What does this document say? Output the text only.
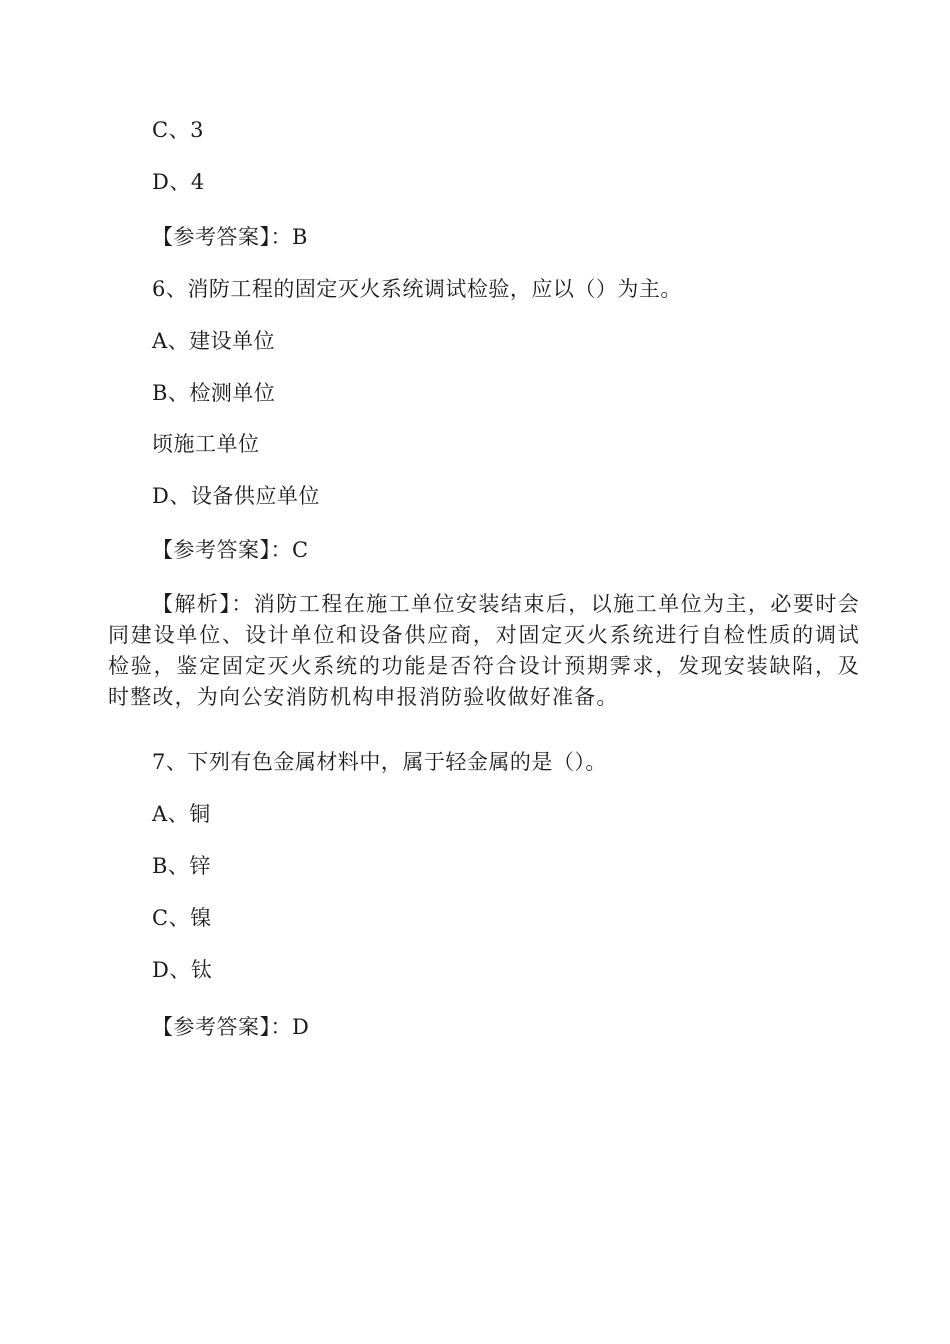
C、3
D、4
【参考答案】：B
6、消防工程的固定灭火系统调试检验，应以（）为主。
A、建设单位
B、检测单位
顷施工单位
D、设备供应单位
【参考答案】：C
【解析】：消防工程在施工单位安装结束后，以施工单位为主，必要时会同建设单位、设计单位和设备供应商，对固定灭火系统进行自检性质的调试检验，鉴定固定灭火系统的功能是否符合设计预期霁求，发现安装缺陷，及时整改，为向公安消防机构申报消防验收做好准备。
7、下列有色金属材料中，属于轻金属的是（）。
A、铜
B、锌
C、镍
D、钛
【参考答案】：D
